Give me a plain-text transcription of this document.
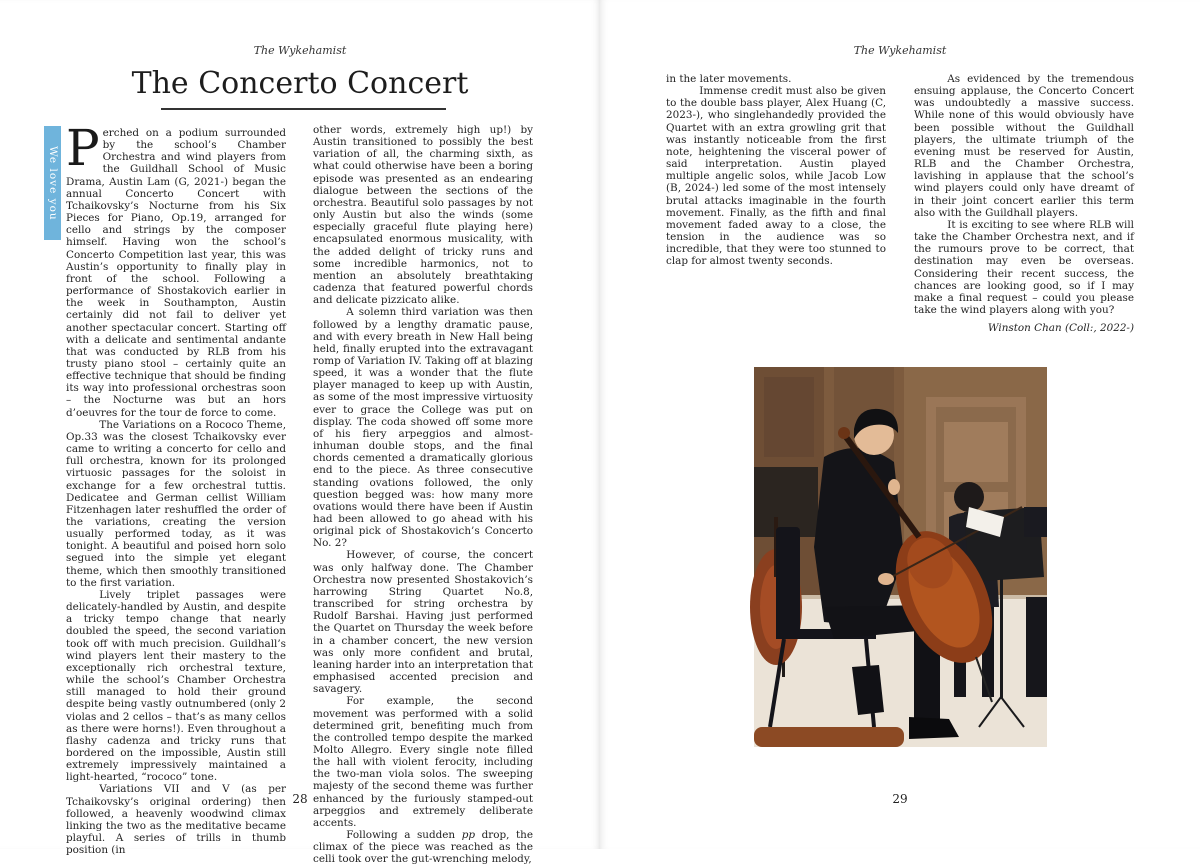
The Wykehamist
The Concerto Concert
We love you Austin

Perched on a podium surrounded by the school’s Chamber Orchestra and wind players from the Guildhall School of Music Drama, Austin Lam (G, 2021-) began the annual Concerto Concert with Tchaikovsky’s Nocturne from his Six Pieces for Piano, Op.19, arranged for cello and strings by the composer himself. Having won the school’s Concerto Competition last year, this was Austin’s opportunity to finally play in front of the school. Following a performance of Shostakovich earlier in the week in Southampton, Austin certainly did not fail to deliver yet another spectacular concert. Starting off with a delicate and sentimental andante that was conducted by RLB from his trusty piano stool – certainly quite an effective technique that should be finding its way into professional orchestras soon – the Nocturne was but an hors d’oeuvres for the tour de force to come.

The Variations on a Rococo Theme, Op.33 was the closest Tchaikovsky ever came to writing a concerto for cello and full orchestra, known for its prolonged virtuosic passages for the soloist in exchange for a few orchestral tuttis. Dedicatee and German cellist William Fitzenhagen later reshuffled the order of the variations, creating the version usually performed today, as it was tonight. A beautiful and poised horn solo segued into the simple yet elegant theme, which then smoothly transitioned to the first variation.

Lively triplet passages were delicately-handled by Austin, and despite a tricky tempo change that nearly doubled the speed, the second variation took off with much precision. Guildhall’s wind players lent their mastery to the exceptionally rich orchestral texture, while the school’s Chamber Orchestra still managed to hold their ground despite being vastly outnumbered (only 2 violas and 2 cellos – that’s as many cellos as there were horns!). Even throughout a flashy cadenza and tricky runs that bordered on the impossible, Austin still extremely impressively maintained a light-hearted, “rococo” tone.

Variations VII and V (as per Tchaikovsky’s original ordering) then followed, a heavenly woodwind climax linking the two as the meditative became playful. A series of trills in thumb position (in

other words, extremely high up!) by Austin transitioned to possibly the best variation of all, the charming sixth, as what could otherwise have been a boring episode was presented as an endearing dialogue between the sections of the orchestra. Beautiful solo passages by not only Austin but also the winds (some especially graceful flute playing here) encapsulated enormous musicality, with the added delight of tricky runs and some incredible harmonics, not to mention an absolutely breathtaking cadenza that featured powerful chords and delicate pizzicato alike.

A solemn third variation was then followed by a lengthy dramatic pause, and with every breath in New Hall being held, finally erupted into the extravagant romp of Variation IV. Taking off at blazing speed, it was a wonder that the flute player managed to keep up with Austin, as some of the most impressive virtuosity ever to grace the College was put on display. The coda showed off some more of his fiery arpeggios and almost-inhuman double stops, and the final chords cemented a dramatically glorious end to the piece. As three consecutive standing ovations followed, the only question begged was: how many more ovations would there have been if Austin had been allowed to go ahead with his original pick of Shostakovich’s Concerto No. 2?

However, of course, the concert was only halfway done. The Chamber Orchestra now presented Shostakovich’s harrowing String Quartet No.8, transcribed for string orchestra by Rudolf Barshai. Having just performed the Quartet on Thursday the week before in a chamber concert, the new version was only more confident and brutal, leaning harder into an interpretation that emphasised accented precision and savagery.

For example, the second movement was performed with a solid determined grit, benefiting much from the controlled tempo despite the marked Molto Allegro. Every single note filled the hall with violent ferocity, including the two-man viola solos. The sweeping majesty of the second theme was further enhanced by the furiously stamped-out arpeggios and extremely deliberate accents.

Following a sudden pp drop, the climax of the piece was reached as the celli took over the gut-wrenching melody,

28
The Wykehamist
29

in the later movements.

Immense credit must also be given to the double bass player, Alex Huang (C, 2023-), who singlehandedly provided the Quartet with an extra growling grit that was instantly noticeable from the first note, heightening the visceral power of said interpretation. Austin played multiple angelic solos, while Jacob Low (B, 2024-) led some of the most intensely brutal attacks imaginable in the fourth movement. Finally, as the fifth and final movement faded away to a close, the tension in the audience was so incredible, that they were too stunned to clap for almost twenty seconds.

As evidenced by the tremendous ensuing applause, the Concerto Concert was undoubtedly a massive success. While none of this would obviously have been possible without the Guildhall players, the ultimate triumph of the evening must be reserved for Austin, RLB and the Chamber Orchestra, lavishing in applause that the school’s wind players could only have dreamt of in their joint concert earlier this term also with the Guildhall players.

It is exciting to see where RLB will take the Chamber Orchestra next, and if the rumours prove to be correct, that destination may even be overseas. Considering their recent success, the chances are looking good, so if I may make a final request – could you please take the wind players along with you?

Winston Chan (Coll:, 2022-)
